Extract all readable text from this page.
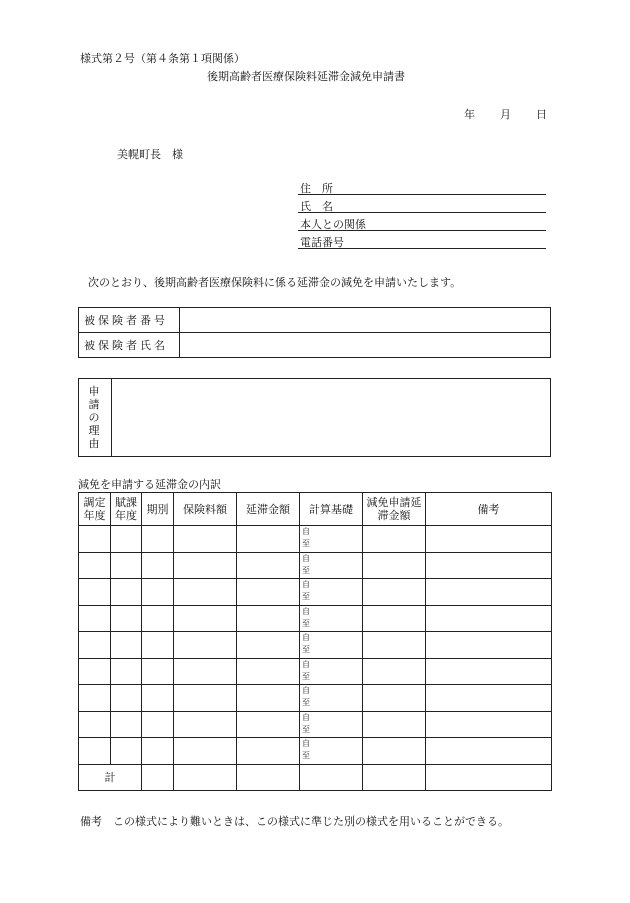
様式第２号（第４条第１項関係）
後期高齢者医療保険料延滞金減免申請書
年 月 日
美幌町長　様
住　所
氏　名
本人との関係
電話番号
次のとおり、後期高齢者医療保険料に係る延滞金の減免を申請いたします。
被保険者番号	
被保険者氏名	
申請の理由
減免を申請する延滞金の内訳
調定年度	賦課年度	期別	保険料額	延滞金額	計算基礎	減免申請延滞金額	備考

					自
至		

					自
至		

					自
至		

					自
至		

					自
至		

					自
至		

					自
至		

					自
至		

					自
至		

計							
備考　この様式により難いときは、この様式に準じた別の様式を用いることができる。
